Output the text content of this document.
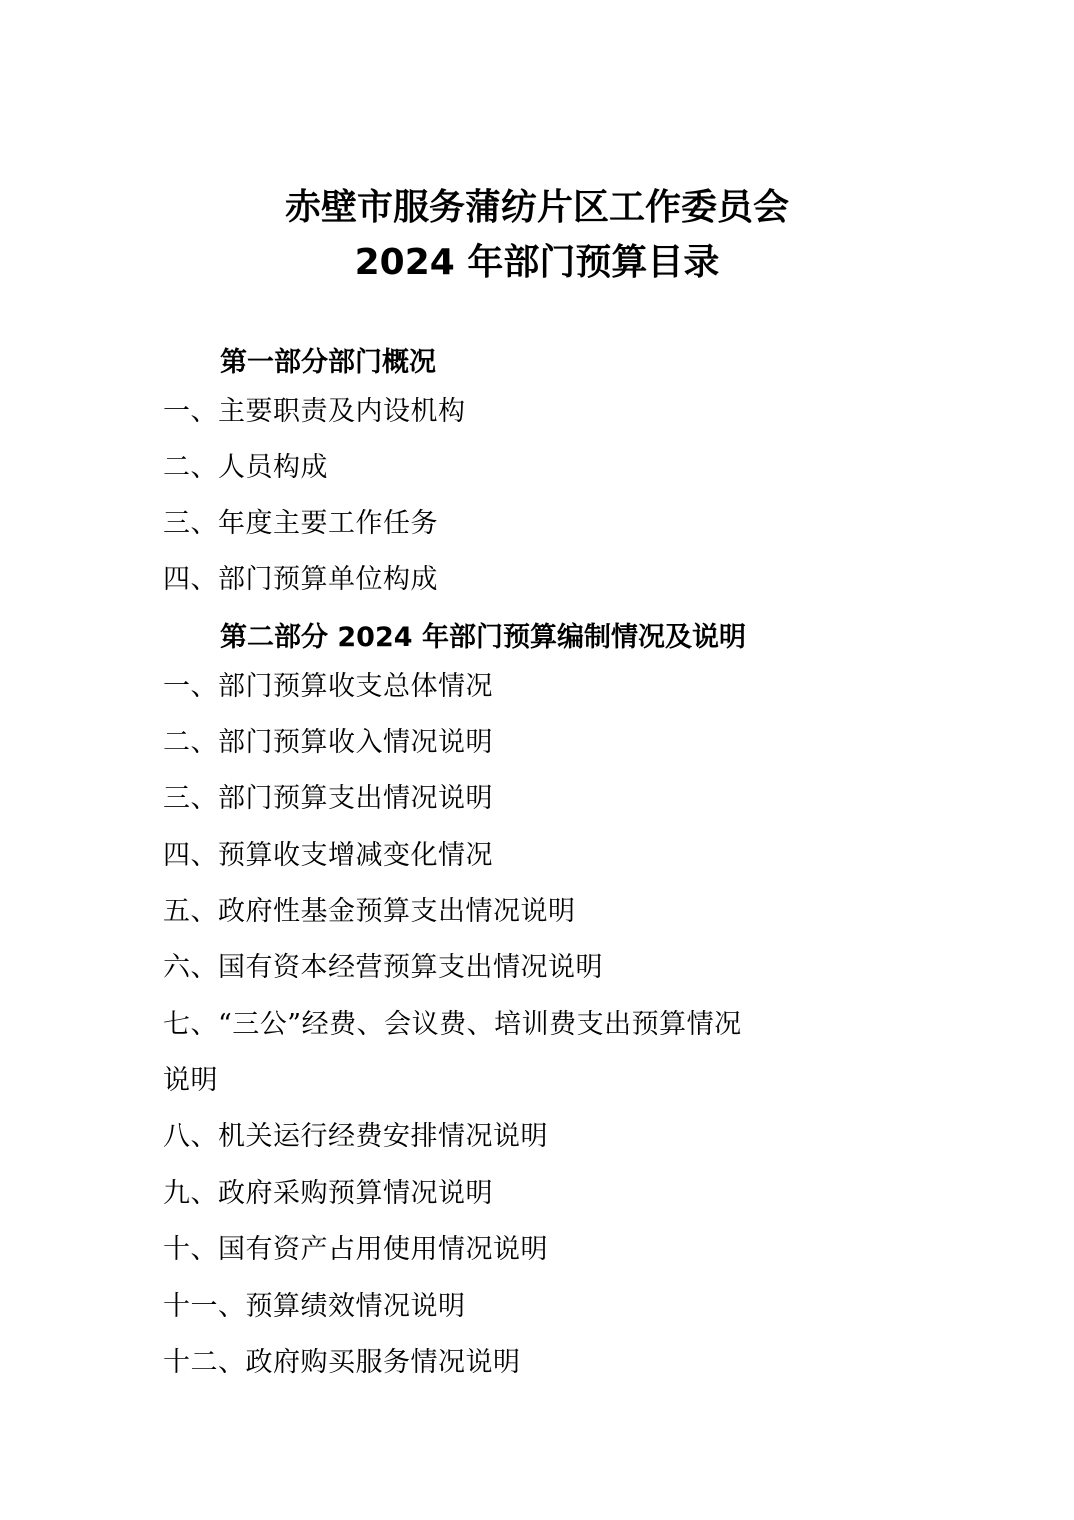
赤壁市服务蒲纺片区工作委员会
2024 年部门预算目录
第一部分部门概况
一、主要职责及内设机构
二、人员构成
三、年度主要工作任务
四、部门预算单位构成
第二部分 2024 年部门预算编制情况及说明
一、部门预算收支总体情况
二、部门预算收入情况说明
三、部门预算支出情况说明
四、预算收支增减变化情况
五、政府性基金预算支出情况说明
六、国有资本经营预算支出情况说明
七、“三公”经费、会议费、培训费支出预算情况
说明
八、机关运行经费安排情况说明
九、政府采购预算情况说明
十、国有资产占用使用情况说明
十一、预算绩效情况说明
十二、政府购买服务情况说明
